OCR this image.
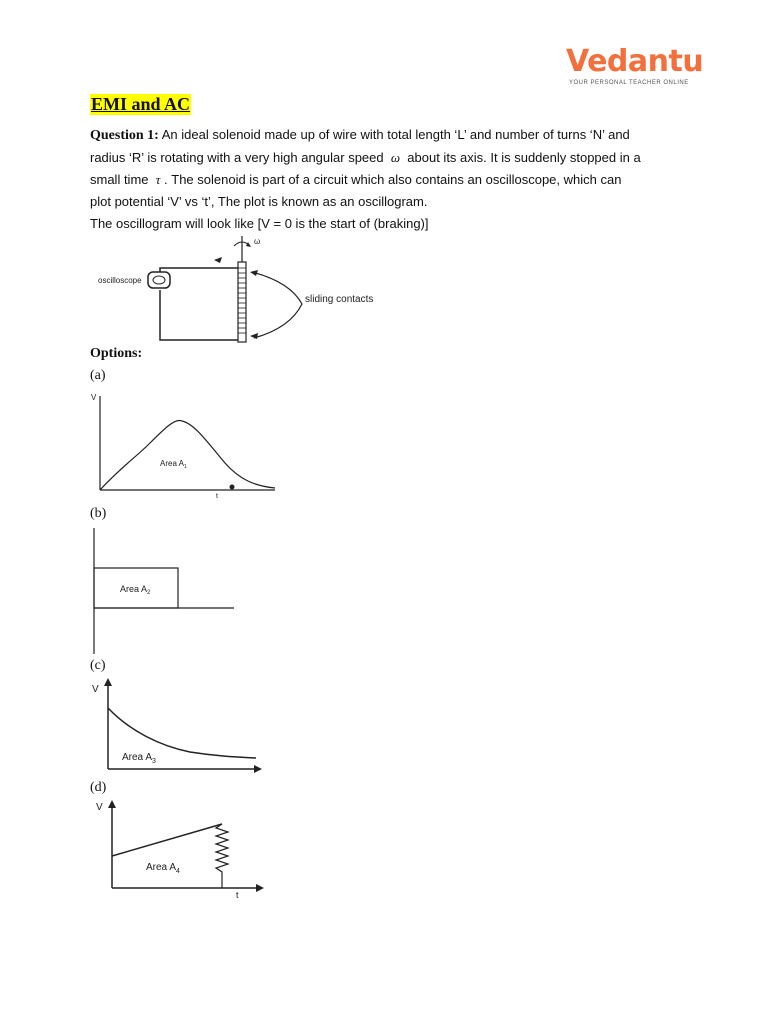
Vedantu
YOUR PERSONAL TEACHER ONLINE
EMI and AC

Question 1: An ideal solenoid made up of wire with total length ‘L’ and number of turns ‘N’ and

radius ‘R’ is rotating with a very high angular speed ω about its axis. It is suddenly stopped in a

small time τ . The solenoid is part of a circuit which also contains an oscilloscope, which can

plot potential ‘V’ vs ‘t’, The plot is known as an oscillogram.

The oscillogram will look like [V = 0 is the start of (braking)]

oscilloscope
ω
sliding contacts
Options:
(a)
V
Area $A_1$
t
(b)
Area $A_2$
(c)
V
Area $A_3$
(d)
V
Area $A_4$
t
